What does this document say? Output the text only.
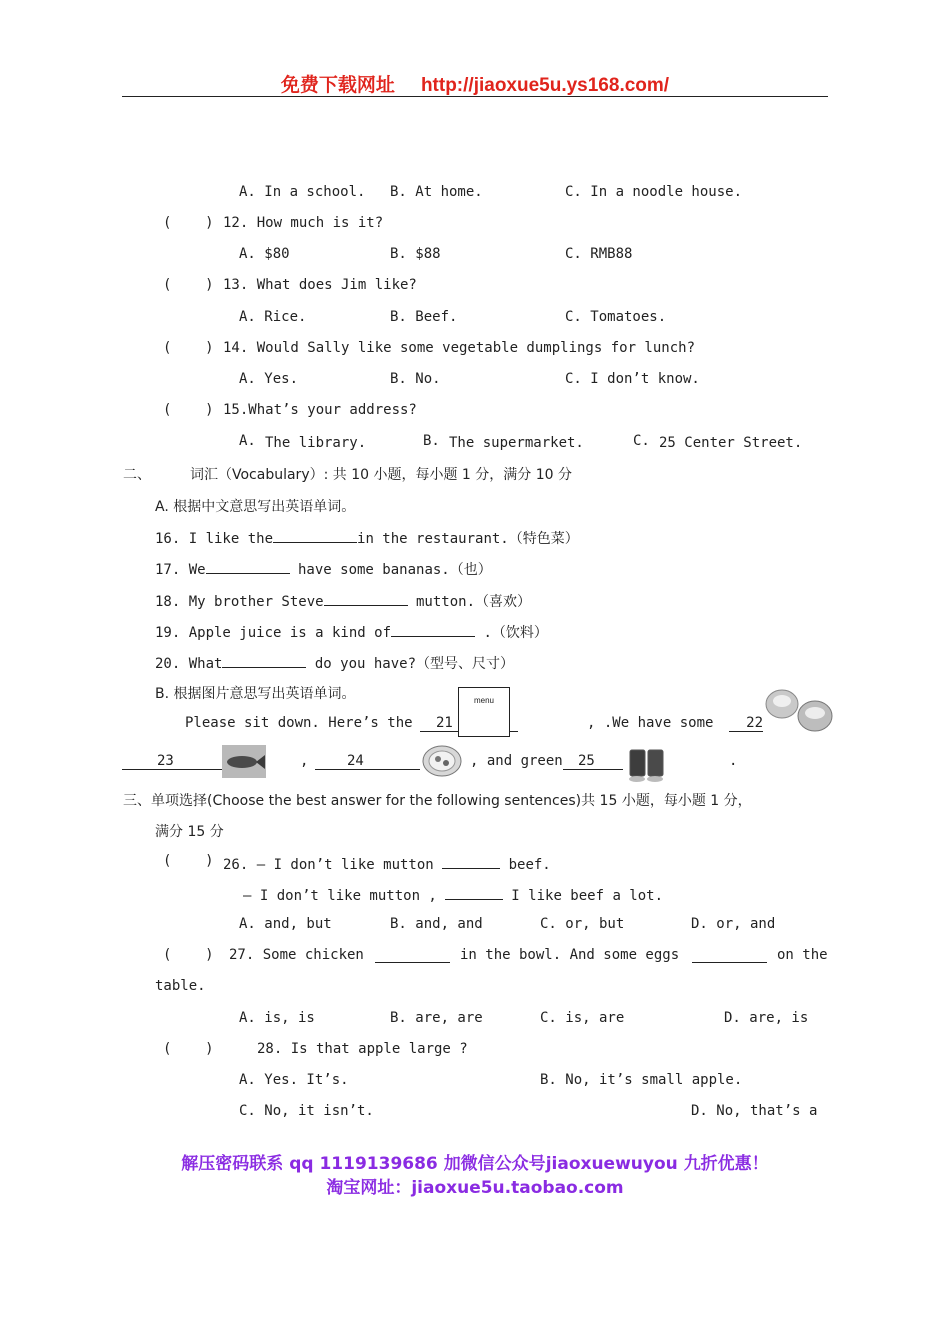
免费下载网址 http://jiaoxue5u.ys168.com/
A. In a school. B. At home.	C. In a noodle house.
(    ) 12. How much is it?
A. $80	B. $88	C. RMB88
(    ) 13. What does Jim like?
A. Rice.	B. Beef.	C. Tomatoes.
(    ) 14. Would Sally like some vegetable dumplings for lunch?
A. Yes.	B. No.	C. I don’t know.
(    ) 15.What’s your address?
A. The library.	B. The supermarket.	C. 25 Center Street.
二、	词汇（Vocabulary）: 共 10 小题，每小题 1 分，满分 10 分
A. 根据中文意思写出英语单词。
16. I like the	in the restaurant.（特色菜）
17. We	have some bananas.（也）
18. My brother Steve	mutton.（喜欢）
19. Apple juice is a kind of	.（饮料）
20. What	do you have?（型号、尺寸）
B. 根据图片意思写出英语单词。
Please sit down. Here’s the	21
menu
, .We have some	22
23	,	24	, and green	25	.
三、单项选择(Choose the best answer for the following sentences)共 15 小题，每小题 1 分，
满分 15 分
(    ) 26. – I don’t like mutton	beef.
– I don’t like mutton ,	I like beef a lot.
A. and, but	B. and, and	C. or, but	D. or, and
(    ) 27. Some chicken	in the bowl. And some eggs	on the
table.
A. is, is	B. are, are	C. is, are	D. are, is
(    )	28. Is that apple large ?
A. Yes. It’s.	B. No, it’s small apple.
C. No, it isn’t.	D. No, that’s a
解压密码联系 qq 1119139686 加微信公众号jiaoxuewuyou 九折优惠！
淘宝网址：jiaoxue5u.taobao.com
